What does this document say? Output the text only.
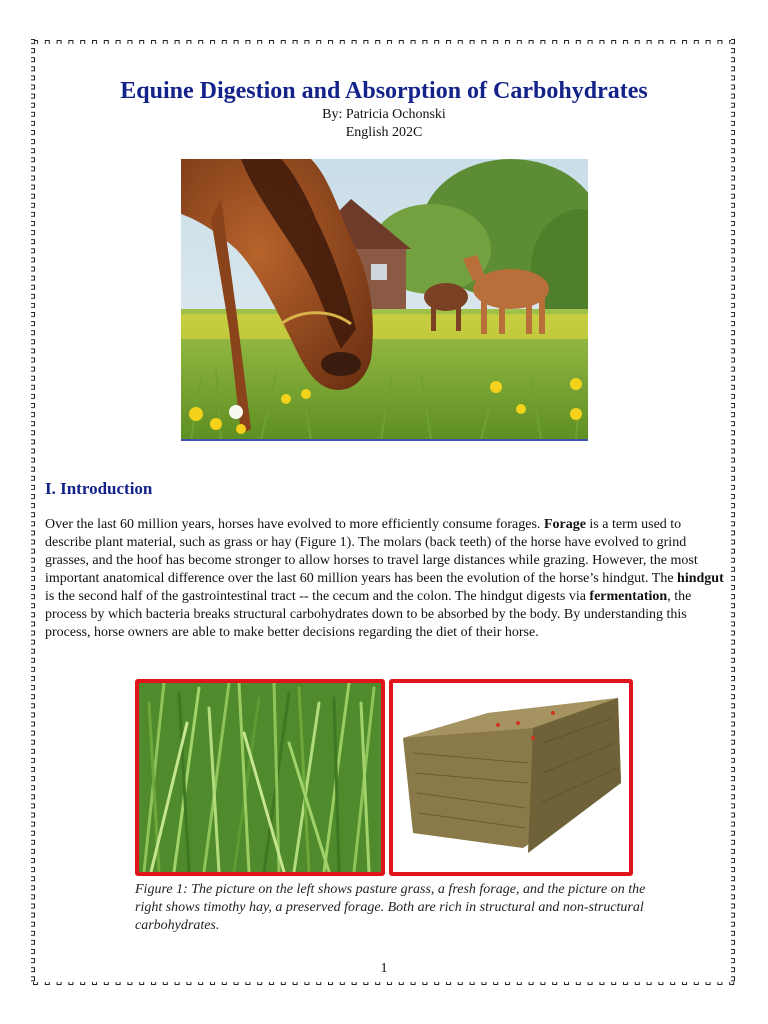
Equine Digestion and Absorption of Carbohydrates
By: Patricia Ochonski
English 202C
I. Introduction

Over the last 60 million years, horses have evolved to more efficiently consume forages. Forage is a term used to describe plant material, such as grass or hay (Figure 1). The molars (back teeth) of the horse have evolved to grind grasses, and the hoof has become stronger to allow horses to travel large distances while grazing. However, the most important anatomical difference over the last 60 million years has been the evolution of the horse’s hindgut. The hindgut is the second half of the gastrointestinal tract -- the cecum and the colon. The hindgut digests via fermentation, the process by which bacteria breaks structural carbohydrates down to be absorbed by the body. By understanding this process, horse owners are able to make better decisions regarding the diet of their horse.

Figure 1: The picture on the left shows pasture grass, a fresh forage, and the picture on the right shows timothy hay, a preserved forage. Both are rich in structural and non-structural carbohydrates.
1
